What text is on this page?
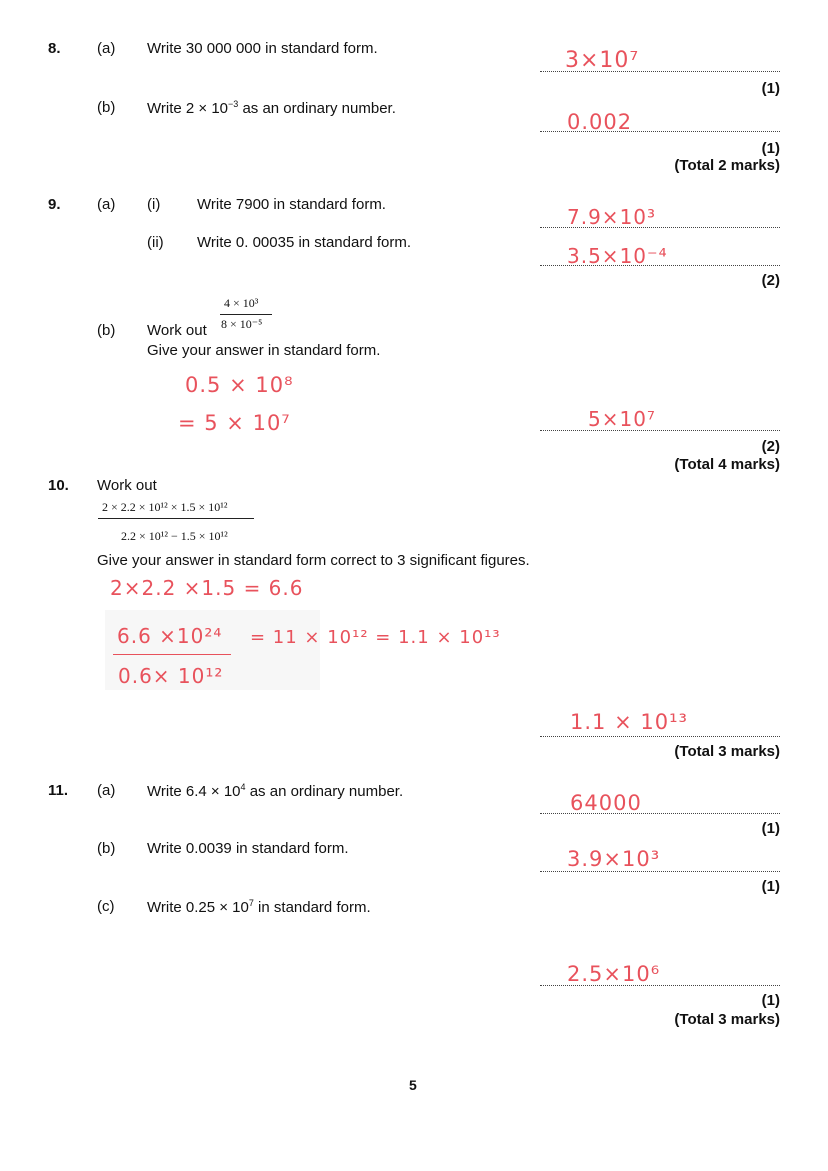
8. (a) Write 30 000 000 in standard form.	3×10⁷
(1)
(b) Write $2 \times 10^{-3}$ as an ordinary number.
0.002
(1)
(Total 2 marks)
9. (a) (i) Write 7900 in standard form.
7.9×10³
(ii) Write 0. 00035 in standard form.
3.5×10⁻⁴
(2)
4 × 10³
8 × 10⁻⁵
(b) Work out
Give your answer in standard form.
0.5 × 10⁸
= 5 × 10⁷	5×10⁷
(2)
(Total 4 marks)
10. Work out
2 × 2.2 × 10¹² × 1.5 × 10¹²
2.2 × 10¹² − 1.5 × 10¹²
Give your answer in standard form correct to 3 significant figures.
2×2.2 ×1.5 = 6.6
6.6 ×10²⁴
0.6× 10¹²
= 11 × 10¹² = 1.1 × 10¹³
1.1 × 10¹³
(Total 3 marks)
11. (a) Write $6.4 \times 10^4$ as an ordinary number.	64000
(1)
(b) Write 0.0039 in standard form.	3.9×10³
(1)
(c) Write $0.25 \times 10^7$ in standard form.
2.5×10⁶
(1)
(Total 3 marks)
5
